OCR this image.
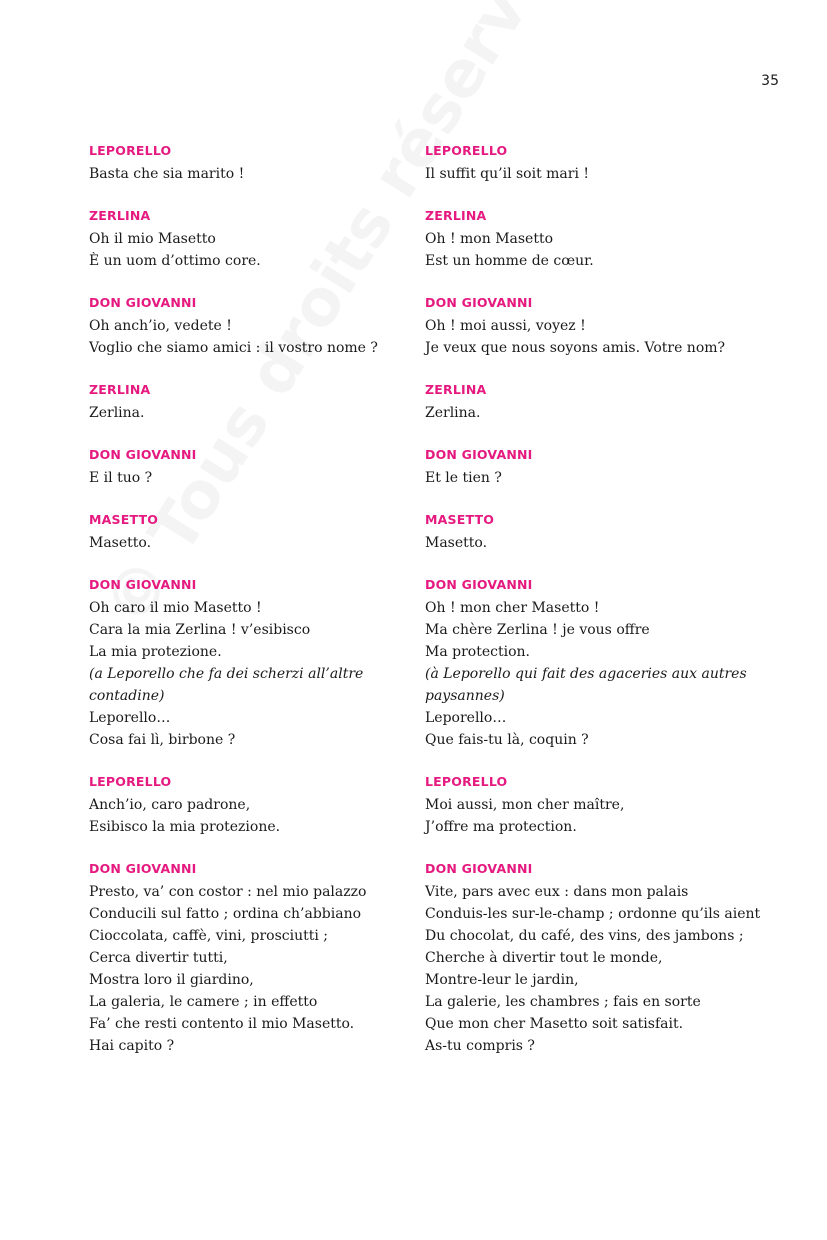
35
LEPORELLO
Basta che sia marito !
ZERLINA
Oh il mio Masetto
È un uom d’ottimo core.
DON GIOVANNI
Oh anch’io, vedete !
Voglio che siamo amici : il vostro nome ?
ZERLINA
Zerlina.
DON GIOVANNI
E il tuo ?
MASETTO
Masetto.
DON GIOVANNI
Oh caro il mio Masetto !
Cara la mia Zerlina ! v’esibisco
La mia protezione.
(a Leporello che fa dei scherzi all’altre
contadine)
Leporello…
Cosa fai lì, birbone ?
LEPORELLO
Anch’io, caro padrone,
Esibisco la mia protezione.
DON GIOVANNI
Presto, va’ con costor : nel mio palazzo
Conducili sul fatto ; ordina ch’abbiano
Cioccolata, caffè, vini, prosciutti ;
Cerca divertir tutti,
Mostra loro il giardino,
La galeria, le camere ; in effetto
Fa’ che resti contento il mio Masetto.
Hai capito ?
LEPORELLO
Il suffit qu’il soit mari !
ZERLINA
Oh ! mon Masetto
Est un homme de cœur.
DON GIOVANNI
Oh ! moi aussi, voyez !
Je veux que nous soyons amis. Votre nom?
ZERLINA
Zerlina.
DON GIOVANNI
Et le tien ?
MASETTO
Masetto.
DON GIOVANNI
Oh ! mon cher Masetto !
Ma chère Zerlina ! je vous offre
Ma protection.
(à Leporello qui fait des agaceries aux autres
paysannes)
Leporello…
Que fais-tu là, coquin ?
LEPORELLO
Moi aussi, mon cher maître,
J’offre ma protection.
DON GIOVANNI
Vite, pars avec eux : dans mon palais
Conduis-les sur-le-champ ; ordonne qu’ils aient
Du chocolat, du café, des vins, des jambons ;
Cherche à divertir tout le monde,
Montre-leur le jardin,
La galerie, les chambres ; fais en sorte
Que mon cher Masetto soit satisfait.
As-tu compris ?
